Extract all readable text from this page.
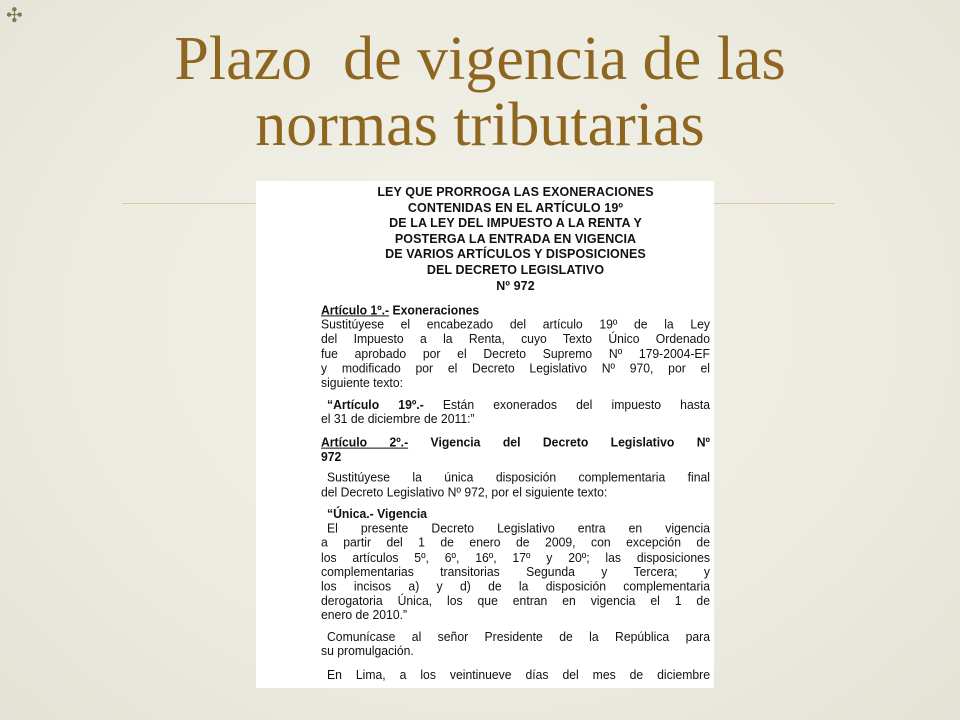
✣
Plazo  de vigencia de las
normas tributarias
LEY QUE PRORROGA LAS EXONERACIONES
CONTENIDAS EN EL ARTÍCULO 19º
DE LA LEY DEL IMPUESTO A LA RENTA Y
POSTERGA LA ENTRADA EN VIGENCIA
DE VARIOS ARTÍCULOS Y DISPOSICIONES
DEL DECRETO LEGISLATIVO
Nº 972
Artículo 1º.- Exoneraciones
Sustitúyese el encabezado del artículo 19º de la Ley
del Impuesto a la Renta, cuyo Texto Único Ordenado
fue aprobado por el Decreto Supremo Nº 179-2004-EF
y modificado por el Decreto Legislativo Nº 970, por el
siguiente texto:
“Artículo 19º.- Están exonerados del impuesto hasta
el 31 de diciembre de 2011:”
Artículo 2º.- Vigencia del Decreto Legislativo Nº
972
Sustitúyese la única disposición complementaria final
del Decreto Legislativo Nº 972, por el siguiente texto:
“Única.- Vigencia
El presente Decreto Legislativo entra en vigencia
a partir del 1 de enero de 2009, con excepción de
los artículos 5º, 6º, 16º, 17º y 20º; las disposiciones
complementarias transitorias Segunda y Tercera; y
los incisos a) y d) de la disposición complementaria
derogatoria Única, los que entran en vigencia el 1 de
enero de 2010.”
Comunícase al señor Presidente de la República para
su promulgación.
En Lima, a los veintinueve días del mes de diciembre
